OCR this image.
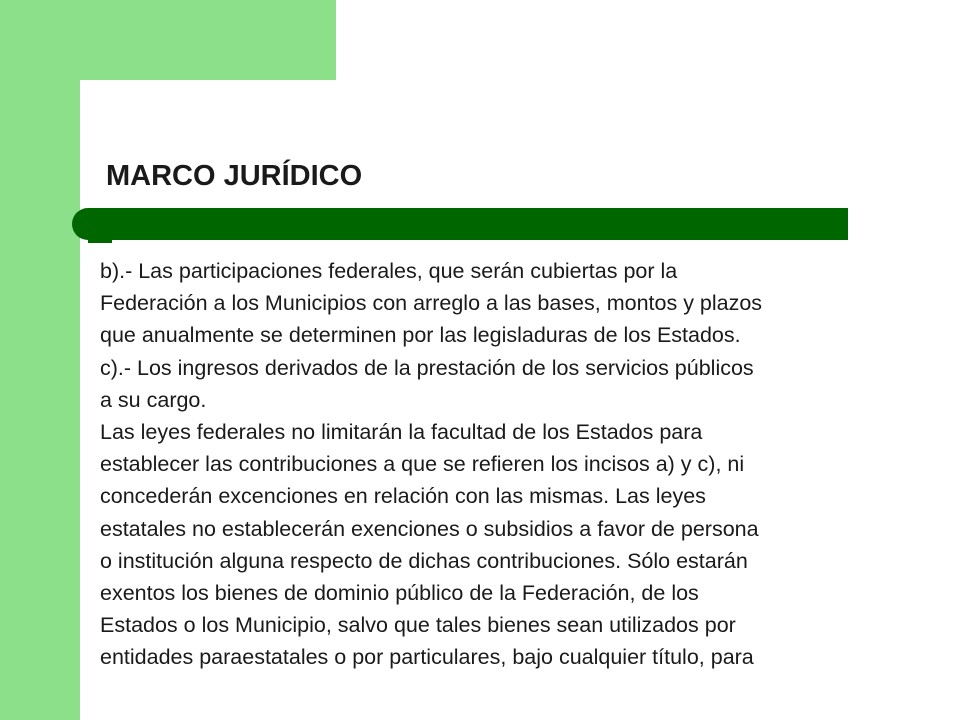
MARCO JURÍDICO
b).- Las participaciones federales, que serán cubiertas por la
Federación a los Municipios con arreglo a las bases, montos y plazos
que anualmente se determinen por las legisladuras de los Estados.
c).- Los ingresos derivados de la prestación de los servicios públicos
a su cargo.
Las leyes federales no limitarán la facultad de los Estados para
establecer las contribuciones a que se refieren los incisos a) y c), ni
concederán excenciones en relación con las mismas. Las leyes
estatales no establecerán exenciones o subsidios a favor de persona
o institución alguna respecto de dichas contribuciones. Sólo estarán
exentos los bienes de dominio público de la Federación, de los
Estados o los Municipio, salvo que tales bienes sean utilizados por
entidades paraestatales o por particulares, bajo cualquier título, para
